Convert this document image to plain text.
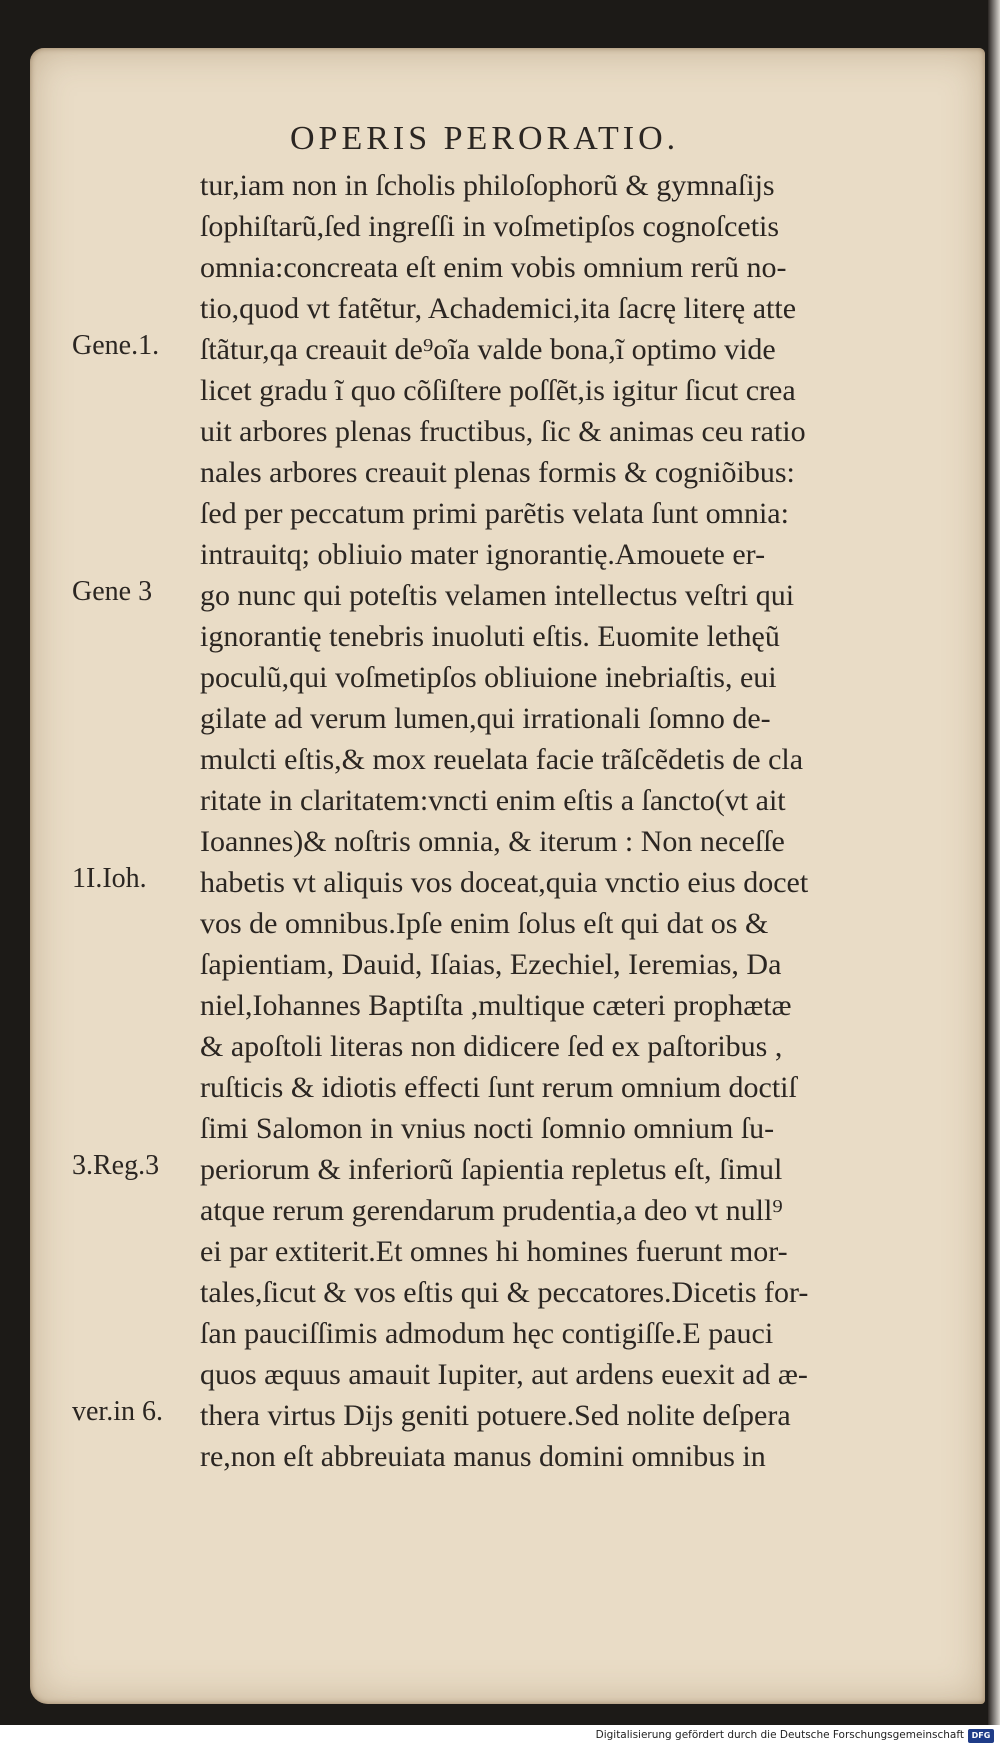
OPERIS PERORATIO.
tur,iam non in ſcholis philoſophorũ & gymnaſijs
ſophiſtarũ,ſed ingreſſi in voſmetipſos cognoſcetis
omnia:concreata eſt enim vobis omnium rerũ no-
tio,quod vt fatẽtur, Achademici,ita ſacrę literę atte
ſtãtur,qa creauit de⁹oĩa valde bona,ĩ optimo vide
licet gradu ĩ quo cõſiſtere poſſẽt,is igitur ſicut crea
uit arbores plenas fructibus, ſic & animas ceu ratio
nales arbores creauit plenas formis & cogniõibus:
ſed per peccatum primi parẽtis velata ſunt omnia:
intrauitq; obliuio mater ignorantię.Amouete er-
go nunc qui poteſtis velamen intellectus veſtri qui
ignorantię tenebris inuoluti eſtis. Euomite lethęũ
poculũ,qui voſmetipſos obliuione inebriaſtis, eui
gilate ad verum lumen,qui irrationali ſomno de-
mulcti eſtis,& mox reuelata facie trãſcẽdetis de cla
ritate in claritatem:vncti enim eſtis a ſancto(vt ait
Ioannes)& noſtris omnia, & iterum : Non neceſſe
habetis vt aliquis vos doceat,quia vnctio eius docet
vos de omnibus.Ipſe enim ſolus eſt qui dat os &
ſapientiam, Dauid, Iſaias, Ezechiel, Ieremias, Da
niel,Iohannes Baptiſta ,multique cæteri prophætæ
& apoſtoli literas non didicere ſed ex paſtoribus ,
ruſticis & idiotis effecti ſunt rerum omnium doctiſ
ſimi Salomon in vnius nocti ſomnio omnium ſu-
periorum & inferiorũ ſapientia repletus eſt, ſimul
atque rerum gerendarum prudentia,a deo vt null⁹
ei par extiterit.Et omnes hi homines fuerunt mor-
tales,ſicut & vos eſtis qui & peccatores.Dicetis for-
ſan pauciſſimis admodum hęc contigiſſe.E pauci
quos æquus amauit Iupiter, aut ardens euexit ad æ-
thera virtus Dijs geniti potuere.Sed nolite deſpera
re,non eſt abbreuiata manus domini omnibus in
Gene.1.
Gene 3
1I.Ioh.
3.Reg.3
ver.in 6.
Digitalisierung gefördert durch die Deutsche Forschungsgemeinschaft DFG
